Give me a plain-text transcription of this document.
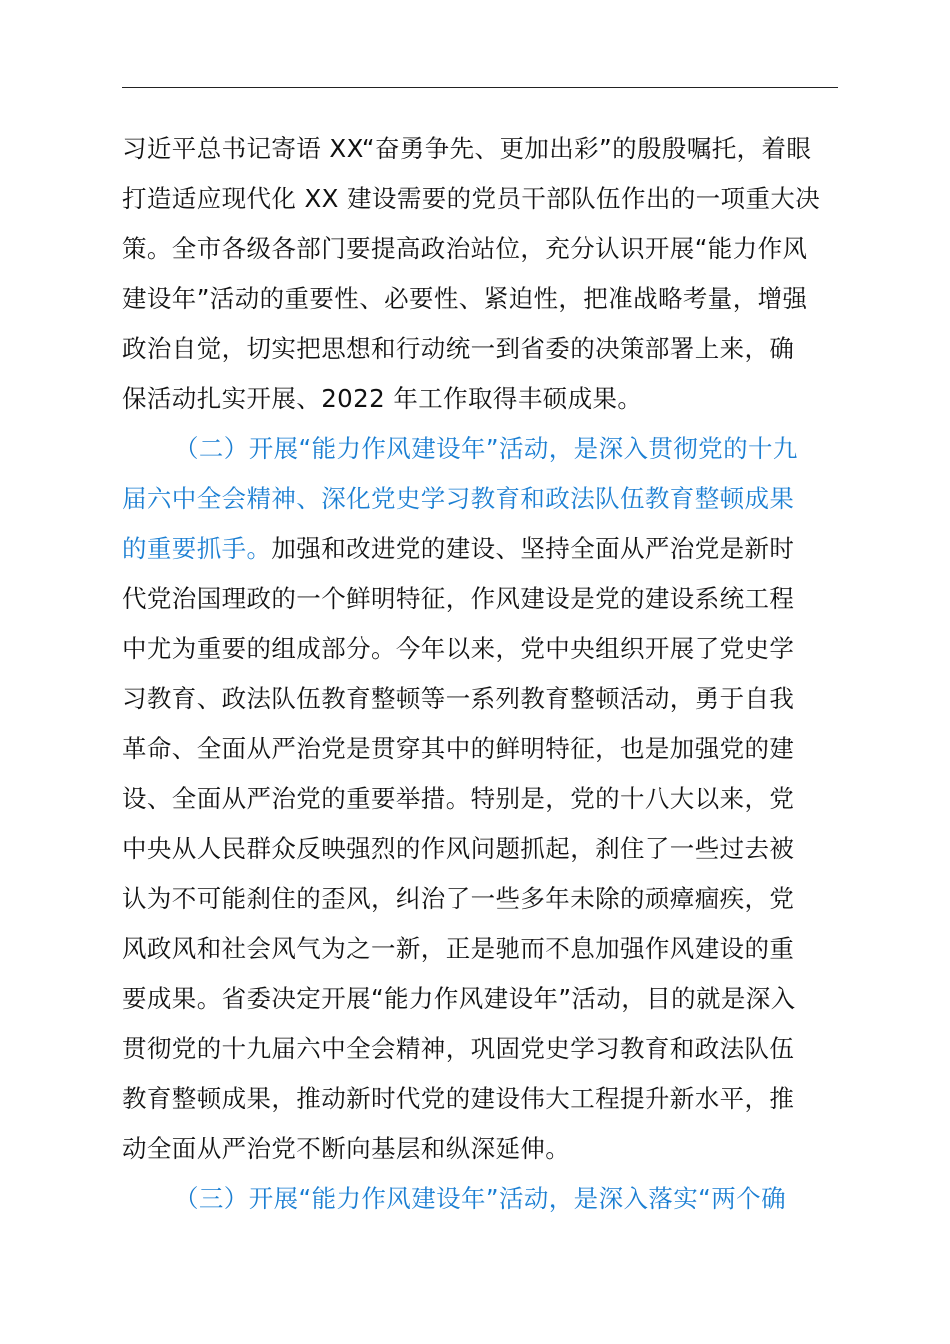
习近平总书记寄语 XX“奋勇争先、更加出彩”的殷殷嘱托，着眼
打造适应现代化 XX 建设需要的党员干部队伍作出的一项重大决
策。全市各级各部门要提高政治站位，充分认识开展“能力作风
建设年”活动的重要性、必要性、紧迫性，把准战略考量，增强
政治自觉，切实把思想和行动统一到省委的决策部署上来，确
保活动扎实开展、2022 年工作取得丰硕成果。
（二）开展“能力作风建设年”活动，是深入贯彻党的十九
届六中全会精神、深化党史学习教育和政法队伍教育整顿成果
的重要抓手。加强和改进党的建设、坚持全面从严治党是新时
代党治国理政的一个鲜明特征，作风建设是党的建设系统工程
中尤为重要的组成部分。今年以来，党中央组织开展了党史学
习教育、政法队伍教育整顿等一系列教育整顿活动，勇于自我
革命、全面从严治党是贯穿其中的鲜明特征，也是加强党的建
设、全面从严治党的重要举措。特别是，党的十八大以来，党
中央从人民群众反映强烈的作风问题抓起，刹住了一些过去被
认为不可能刹住的歪风，纠治了一些多年未除的顽瘴痼疾，党
风政风和社会风气为之一新，正是驰而不息加强作风建设的重
要成果。省委决定开展“能力作风建设年”活动，目的就是深入
贯彻党的十九届六中全会精神，巩固党史学习教育和政法队伍
教育整顿成果，推动新时代党的建设伟大工程提升新水平，推
动全面从严治党不断向基层和纵深延伸。
（三）开展“能力作风建设年”活动，是深入落实“两个确
